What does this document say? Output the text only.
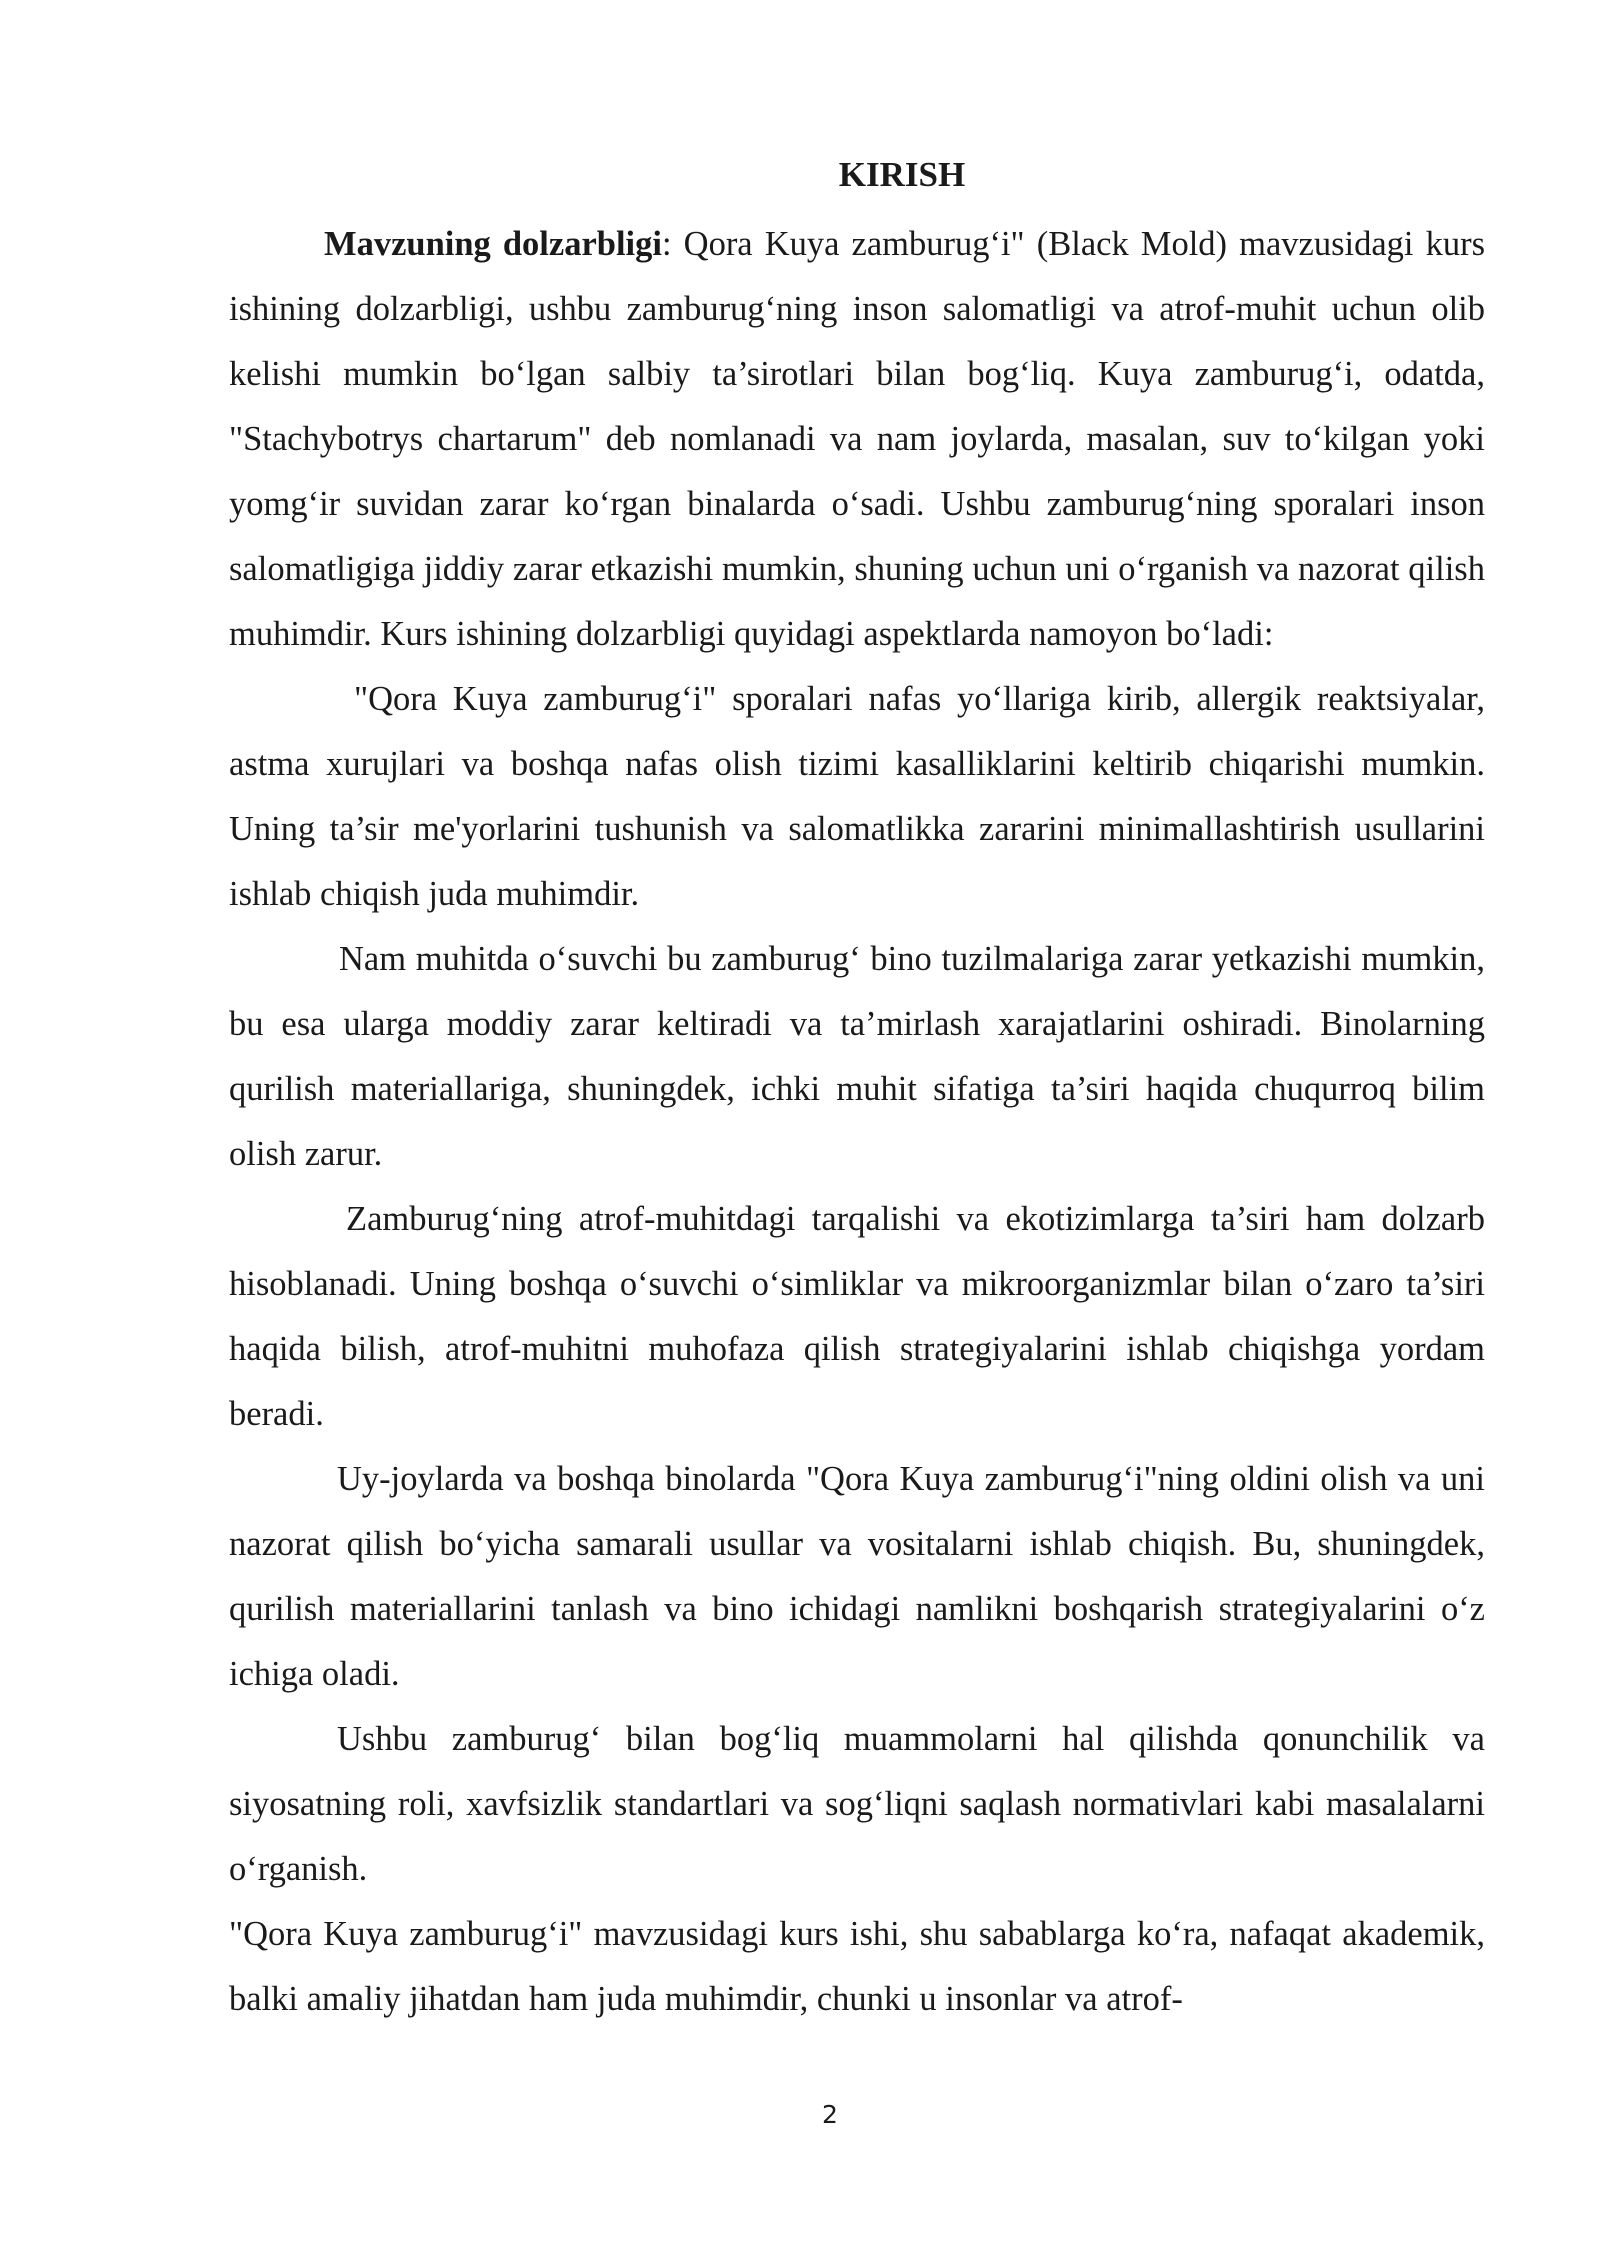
KIRISH

Mavzuning dolzarbligi: Qora Kuya zamburug‘i" (Black Mold) mavzusidagi kurs ishining dolzarbligi, ushbu zamburug‘ning inson salomatligi va atrof-muhit uchun olib kelishi mumkin bo‘lgan salbiy ta’sirotlari bilan bog‘liq. Kuya zamburug‘i, odatda, "Stachybotrys chartarum" deb nomlanadi va nam joylarda, masalan, suv to‘kilgan yoki yomg‘ir suvidan zarar ko‘rgan binalarda o‘sadi. Ushbu zamburug‘ning sporalari inson salomatligiga jiddiy zarar etkazishi mumkin, shuning uchun uni o‘rganish va nazorat qilish muhimdir. Kurs ishining dolzarbligi quyidagi aspektlarda namoyon bo‘ladi:

"Qora Kuya zamburug‘i" sporalari nafas yo‘llariga kirib, allergik reaktsiyalar, astma xurujlari va boshqa nafas olish tizimi kasalliklarini keltirib chiqarishi mumkin. Uning ta’sir me'yorlarini tushunish va salomatlikka zararini minimallashtirish usullarini ishlab chiqish juda muhimdir.

Nam muhitda o‘suvchi bu zamburug‘ bino tuzilmalariga zarar yetkazishi mumkin, bu esa ularga moddiy zarar keltiradi va ta’mirlash xarajatlarini oshiradi. Binolarning qurilish materiallariga, shuningdek, ichki muhit sifatiga ta’siri haqida chuqurroq bilim olish zarur.

Zamburug‘ning atrof-muhitdagi tarqalishi va ekotizimlarga ta’siri ham dolzarb hisoblanadi. Uning boshqa o‘suvchi o‘simliklar va mikroorganizmlar bilan o‘zaro ta’siri haqida bilish, atrof-muhitni muhofaza qilish strategiyalarini ishlab chiqishga yordam beradi.

Uy-joylarda va boshqa binolarda "Qora Kuya zamburug‘i"ning oldini olish va uni nazorat qilish bo‘yicha samarali usullar va vositalarni ishlab chiqish. Bu, shuningdek, qurilish materiallarini tanlash va bino ichidagi namlikni boshqarish strategiyalarini o‘z ichiga oladi.

Ushbu zamburug‘ bilan bog‘liq muammolarni hal qilishda qonunchilik va siyosatning roli, xavfsizlik standartlari va sog‘liqni saqlash normativlari kabi masalalarni o‘rganish.

"Qora Kuya zamburug‘i" mavzusidagi kurs ishi, shu sabablarga ko‘ra, nafaqat akademik, balki amaliy jihatdan ham juda muhimdir, chunki u insonlar va atrof-

2
